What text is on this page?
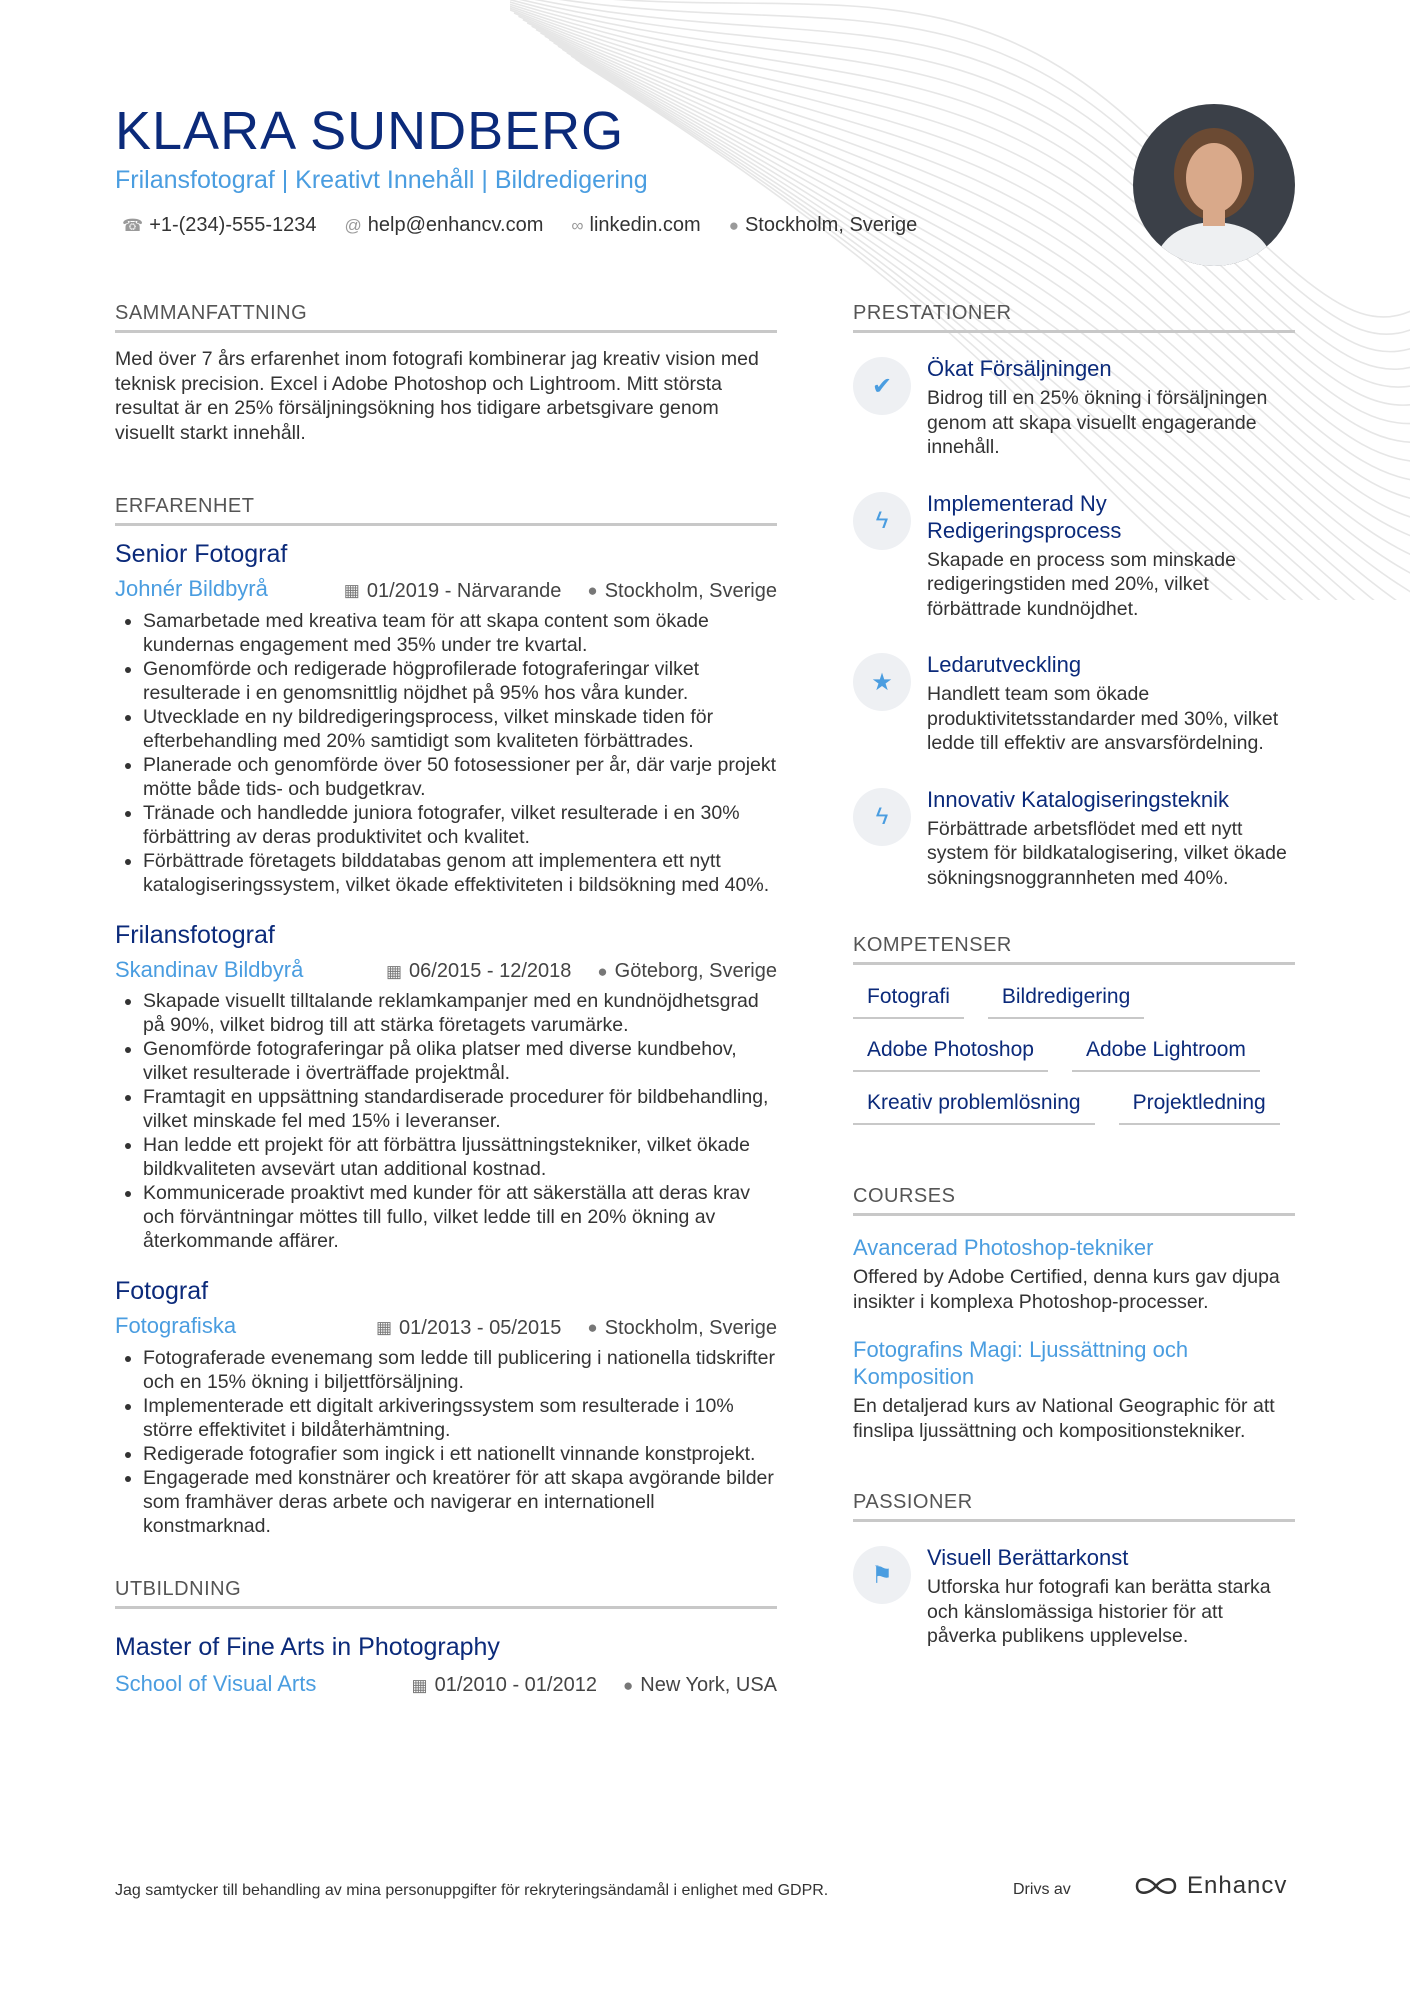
KLARA SUNDBERG
Frilansfotograf | Kreativt Innehåll | Bildredigering
☎ +1-(234)-555-1234 @ help@enhancv.com ∞ linkedin.com ● Stockholm, Sverige
SAMMANFATTNING

Med över 7 års erfarenhet inom fotografi kombinerar jag kreativ vision med teknisk precision. Excel i Adobe Photoshop och Lightroom. Mitt största resultat är en 25% försäljningsökning hos tidigare arbetsgivare genom visuellt starkt innehåll.

ERFARENHET
Senior Fotograf
Johnér Bildbyrå	▦ 01/2019 - Närvarande ● Stockholm, Sverige
• Samarbetade med kreativa team för att skapa content som ökade kundernas engagement med 35% under tre kvartal.
• Genomförde och redigerade högprofilerade fotograferingar vilket resulterade i en genomsnittlig nöjdhet på 95% hos våra kunder.
• Utvecklade en ny bildredigeringsprocess, vilket minskade tiden för efterbehandling med 20% samtidigt som kvaliteten förbättrades.
• Planerade och genomförde över 50 fotosessioner per år, där varje projekt mötte både tids- och budgetkrav.
• Tränade och handledde juniora fotografer, vilket resulterade i en 30% förbättring av deras produktivitet och kvalitet.
• Förbättrade företagets bilddatabas genom att implementera ett nytt katalogiseringssystem, vilket ökade effektiviteten i bildsökning med 40%.
Frilansfotograf
Skandinav Bildbyrå	▦ 06/2015 - 12/2018 ● Göteborg, Sverige
• Skapade visuellt tilltalande reklamkampanjer med en kundnöjdhetsgrad på 90%, vilket bidrog till att stärka företagets varumärke.
• Genomförde fotograferingar på olika platser med diverse kundbehov, vilket resulterade i överträffade projektmål.
• Framtagit en uppsättning standardiserade procedurer för bildbehandling, vilket minskade fel med 15% i leveranser.
• Han ledde ett projekt för att förbättra ljussättningstekniker, vilket ökade bildkvaliteten avsevärt utan additional kostnad.
• Kommunicerade proaktivt med kunder för att säkerställa att deras krav och förväntningar möttes till fullo, vilket ledde till en 20% ökning av återkommande affärer.
Fotograf
Fotografiska	▦ 01/2013 - 05/2015 ● Stockholm, Sverige
• Fotograferade evenemang som ledde till publicering i nationella tidskrifter och en 15% ökning i biljettförsäljning.
• Implementerade ett digitalt arkiveringssystem som resulterade i 10% större effektivitet i bildåterhämtning.
• Redigerade fotografier som ingick i ett nationellt vinnande konstprojekt.
• Engagerade med konstnärer och kreatörer för att skapa avgörande bilder som framhäver deras arbete och navigerar en internationell konstmarknad.
UTBILDNING
Master of Fine Arts in Photography
School of Visual Arts	▦ 01/2010 - 01/2012 ● New York, USA
PRESTATIONER
✔
Ökat Försäljningen
Bidrog till en 25% ökning i försäljningen genom att skapa visuellt engagerande innehåll.
ϟ
Implementerad Ny Redigeringsprocess
Skapade en process som minskade redigeringstiden med 20%, vilket förbättrade kundnöjdhet.
★
Ledarutveckling
Handlett team som ökade produktivitetsstandarder med 30%, vilket ledde till effektiv are ansvarsfördelning.
ϟ
Innovativ Katalogiseringsteknik
Förbättrade arbetsflödet med ett nytt system för bildkatalogisering, vilket ökade sökningsnoggrannheten med 40%.
KOMPETENSER
Fotografi	Bildredigering
Adobe Photoshop	Adobe Lightroom
Kreativ problemlösning	Projektledning
COURSES
Avancerad Photoshop-tekniker
Offered by Adobe Certified, denna kurs gav djupa insikter i komplexa Photoshop-processer.
Fotografins Magi: Ljussättning och Komposition
En detaljerad kurs av National Geographic för att finslipa ljussättning och kompositionstekniker.
PASSIONER
⚑
Visuell Berättarkonst
Utforska hur fotografi kan berätta starka och känslomässiga historier för att påverka publikens upplevelse.
Jag samtycker till behandling av mina personuppgifter för rekryteringsändamål i enlighet med GDPR.	Drivs av	Enhancv
